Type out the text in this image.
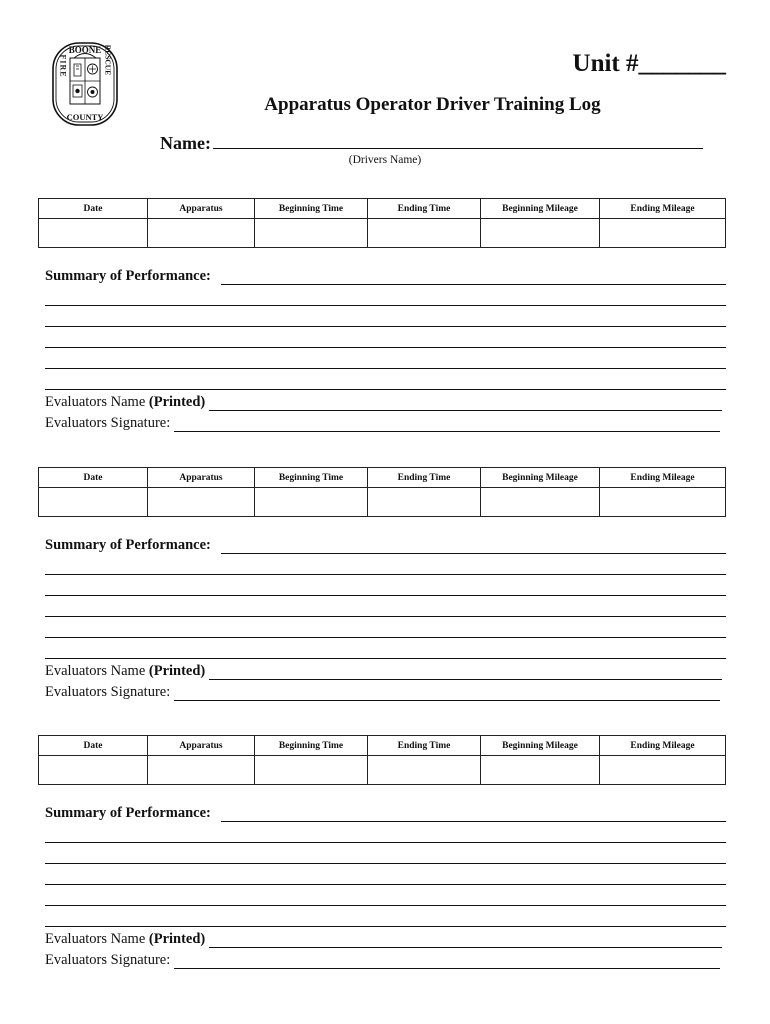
BOONE
COUNTY
FIRE	RESCUE	Unit #_______
Apparatus Operator Driver Training Log
Name:
(Drivers Name)
Date	Apparatus	Beginning Time	Ending Time	Beginning Mileage	Ending Mileage

Summary of Performance:
Evaluators Name (Printed)
Evaluators Signature:
Date	Apparatus	Beginning Time	Ending Time	Beginning Mileage	Ending Mileage

Summary of Performance:
Evaluators Name (Printed)
Evaluators Signature:
Date	Apparatus	Beginning Time	Ending Time	Beginning Mileage	Ending Mileage

Summary of Performance:
Evaluators Name (Printed)
Evaluators Signature:
